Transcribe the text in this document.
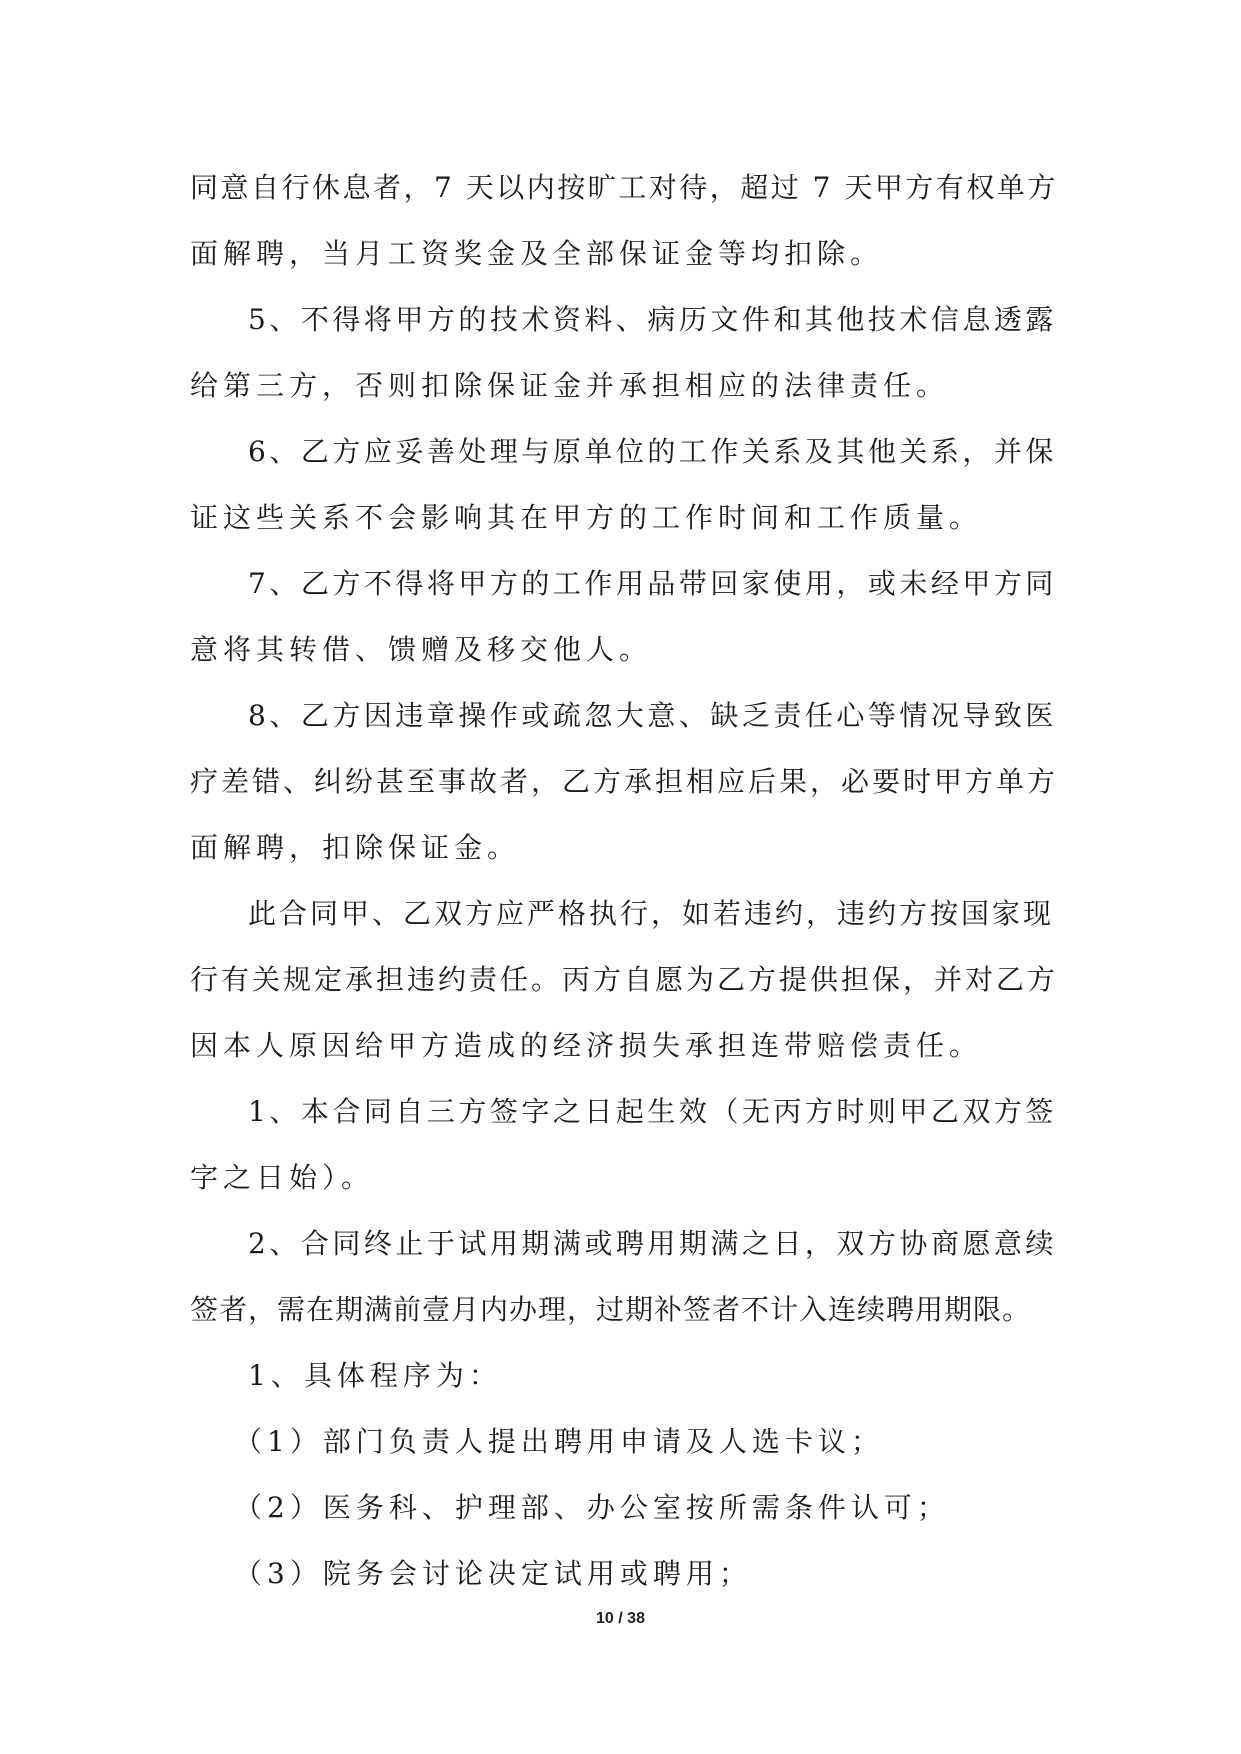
同意自行休息者，7 天以内按旷工对待，超过 7 天甲方有权单方
面解聘，当月工资奖金及全部保证金等均扣除。
5、不得将甲方的技术资料、病历文件和其他技术信息透露
给第三方，否则扣除保证金并承担相应的法律责任。
6、乙方应妥善处理与原单位的工作关系及其他关系，并保
证这些关系不会影响其在甲方的工作时间和工作质量。
7、乙方不得将甲方的工作用品带回家使用，或未经甲方同
意将其转借、馈赠及移交他人。
8、乙方因违章操作或疏忽大意、缺乏责任心等情况导致医
疗差错、纠纷甚至事故者，乙方承担相应后果，必要时甲方单方
面解聘，扣除保证金。
此合同甲、乙双方应严格执行，如若违约，违约方按国家现
行有关规定承担违约责任。丙方自愿为乙方提供担保，并对乙方
因本人原因给甲方造成的经济损失承担连带赔偿责任。
1、本合同自三方签字之日起生效（无丙方时则甲乙双方签
字之日始）。
2、合同终止于试用期满或聘用期满之日，双方协商愿意续
签者，需在期满前壹月内办理，过期补签者不计入连续聘用期限。
1、具体程序为：
（1）部门负责人提出聘用申请及人选卡议；
（2）医务科、护理部、办公室按所需条件认可；
（3）院务会讨论决定试用或聘用；
10 / 38
